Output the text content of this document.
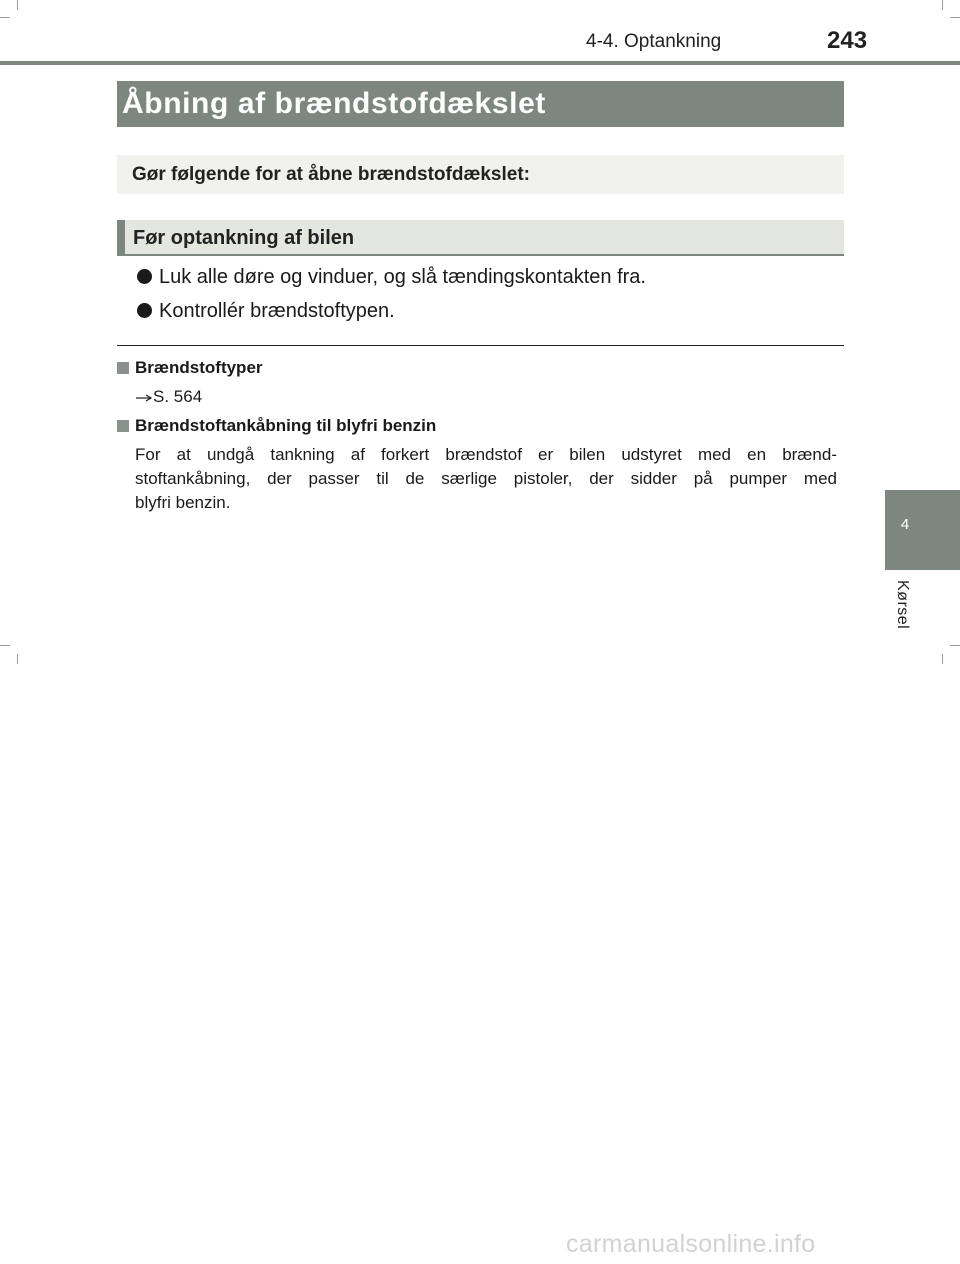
4-4. Optankning	243
4
Kørsel
Åbning af brændstofdækslet
Gør følgende for at åbne brændstofdækslet:
Før optankning af bilen
Luk alle døre og vinduer, og slå tændingskontakten fra.
Kontrollér brændstoftypen.
Brændstoftyper
S. 564
Brændstoftankåbning til blyfri benzin
For at undgå tankning af forkert brændstof er bilen udstyret med en brænd-
stoftankåbning, der passer til de særlige pistoler, der sidder på pumper med
blyfri benzin.
carmanualsonline.info
